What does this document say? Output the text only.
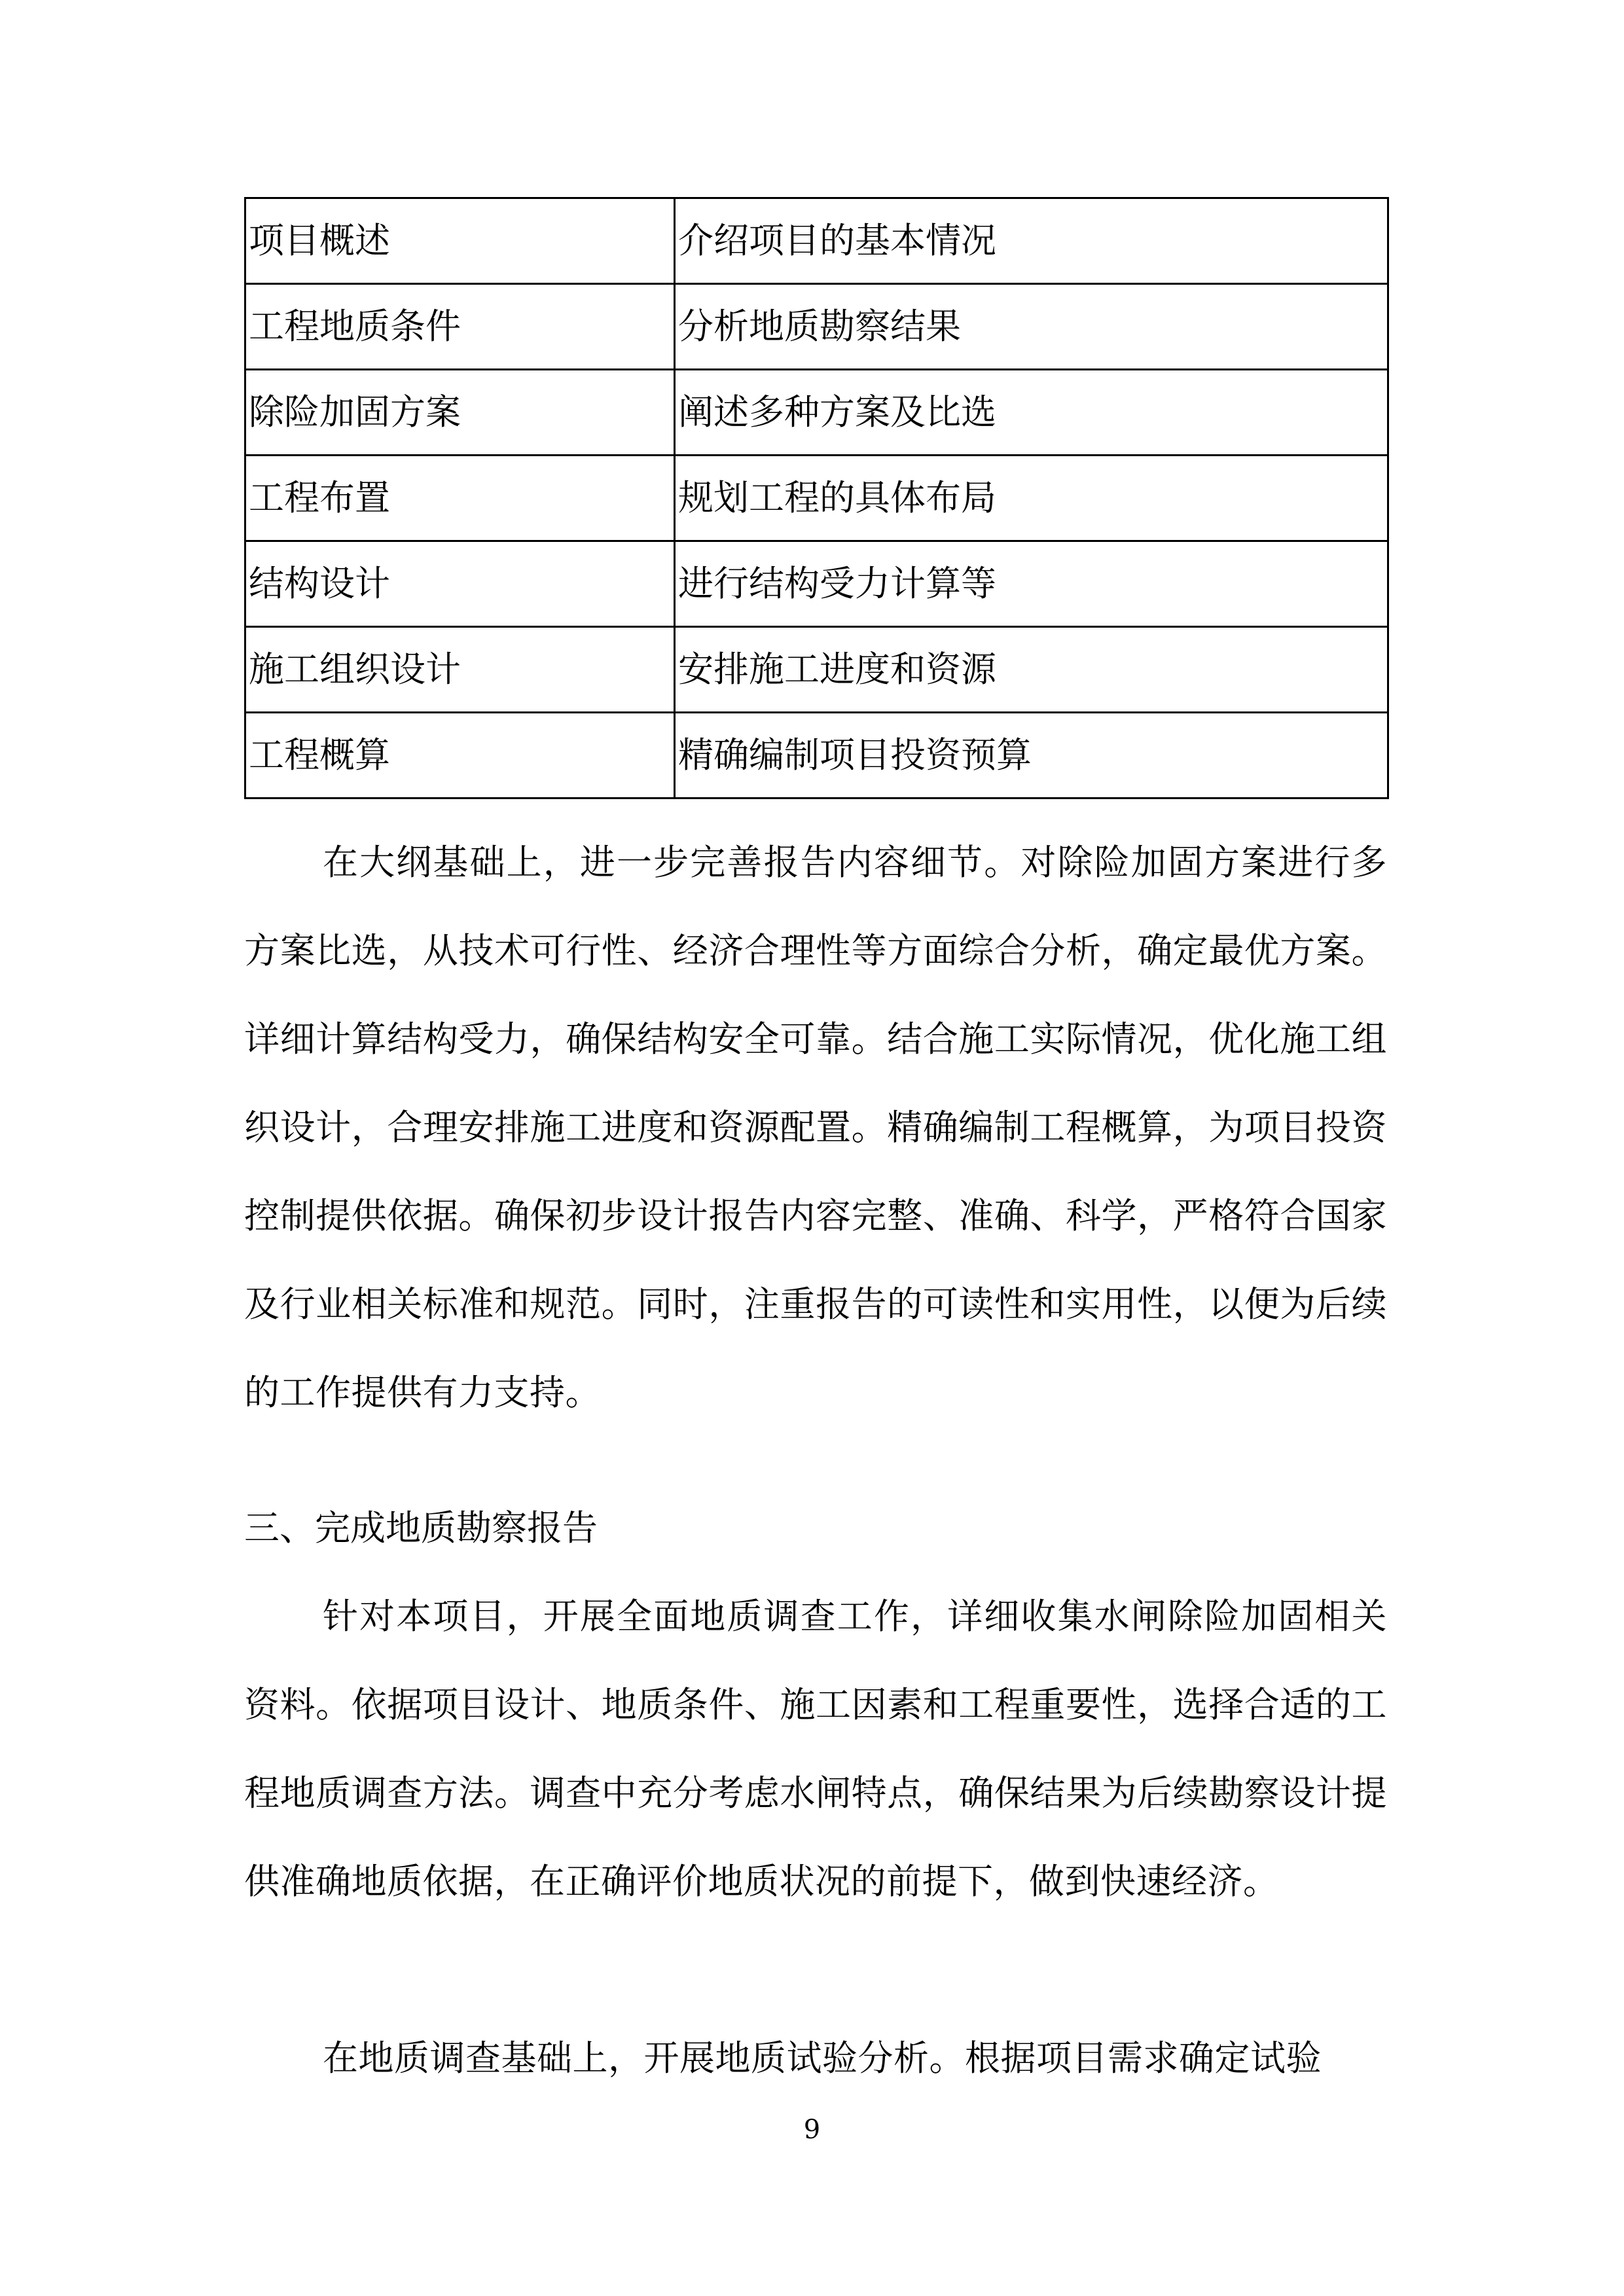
项目概述	介绍项目的基本情况
工程地质条件	分析地质勘察结果
除险加固方案	阐述多种方案及比选
工程布置	规划工程的具体布局
结构设计	进行结构受力计算等
施工组织设计	安排施工进度和资源
工程概算	精确编制项目投资预算

在大纲基础上，进一步完善报告内容细节。对除险加固方案进行多方案比选，从技术可行性、经济合理性等方面综合分析，确定最优方案。详细计算结构受力，确保结构安全可靠。结合施工实际情况，优化施工组织设计，合理安排施工进度和资源配置。精确编制工程概算，为项目投资控制提供依据。确保初步设计报告内容完整、准确、科学，严格符合国家及行业相关标准和规范。同时，注重报告的可读性和实用性，以便为后续的工作提供有力支持。

三、完成地质勘察报告

针对本项目，开展全面地质调查工作，详细收集水闸除险加固相关资料。依据项目设计、地质条件、施工因素和工程重要性，选择合适的工程地质调查方法。调查中充分考虑水闸特点，确保结果为后续勘察设计提供准确地质依据，在正确评价地质状况的前提下，做到快速经济。

在地质调查基础上，开展地质试验分析。根据项目需求确定试验

9
